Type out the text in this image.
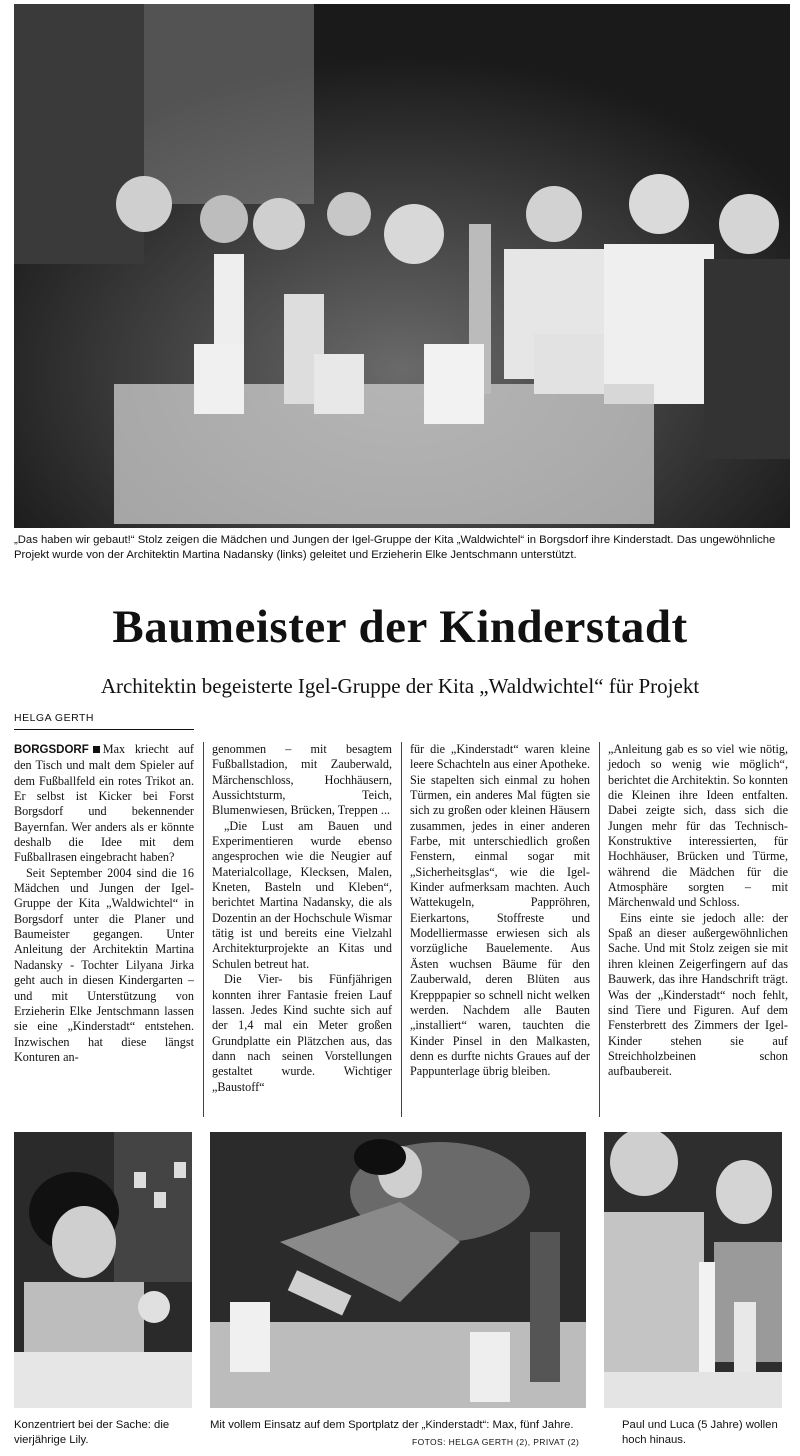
„Das haben wir gebaut!“ Stolz zeigen die Mädchen und Jungen der Igel-Gruppe der Kita „Waldwichtel“ in Borgsdorf ihre Kinderstadt. Das ungewöhnliche Projekt wurde von der Architektin Martina Nadansky (links) geleitet und Erzieherin Elke Jentschmann unterstützt.
Baumeister der Kinderstadt
Architektin begeisterte Igel-Gruppe der Kita „Waldwichtel“ für Projekt
HELGA GERTH

BORGSDORF Max kriecht auf den Tisch und malt dem Spieler auf dem Fußballfeld ein rotes Trikot an. Er selbst ist Kicker bei Forst Borgsdorf und bekennender Bayernfan. Wer anders als er könnte deshalb die Idee mit dem Fußballrasen eingebracht haben?

Seit September 2004 sind die 16 Mädchen und Jungen der Igel-Gruppe der Kita „Waldwichtel“ in Borgsdorf unter die Planer und Baumeister gegangen. Unter Anleitung der Architektin Martina Nadansky - Tochter Lilyana Jirka geht auch in diesen Kindergarten – und mit Unterstützung von Erzieherin Elke Jentschmann lassen sie eine „Kinderstadt“ entstehen. Inzwischen hat diese längst Konturen an-

genommen – mit besagtem Fußballstadion, mit Zauberwald, Märchenschloss, Hochhäusern, Aussichtsturm, Teich, Blumenwiesen, Brücken, Treppen ...

„Die Lust am Bauen und Experimentieren wurde ebenso angesprochen wie die Neugier auf Materialcollage, Klecksen, Malen, Kneten, Basteln und Kleben“, berichtet Martina Nadansky, die als Dozentin an der Hochschule Wismar tätig ist und bereits eine Vielzahl Architekturprojekte an Kitas und Schulen betreut hat.

Die Vier- bis Fünfjährigen konnten ihrer Fantasie freien Lauf lassen. Jedes Kind suchte sich auf der 1,4 mal ein Meter großen Grundplatte ein Plätzchen aus, das dann nach seinen Vorstellungen gestaltet wurde. Wichtiger „Baustoff“

für die „Kinderstadt“ waren kleine leere Schachteln aus einer Apotheke. Sie stapelten sich einmal zu hohen Türmen, ein anderes Mal fügten sie sich zu großen oder kleinen Häusern zusammen, jedes in einer anderen Farbe, mit unterschiedlich großen Fenstern, einmal sogar mit „Sicherheitsglas“, wie die Igel-Kinder aufmerksam machten. Auch Wattekugeln, Pappröhren, Eierkartons, Stoffreste und Modelliermasse erwiesen sich als vorzügliche Bauelemente. Aus Ästen wuchsen Bäume für den Zauberwald, deren Blüten aus Krepppapier so schnell nicht welken werden. Nachdem alle Bauten „installiert“ waren, tauchten die Kinder Pinsel in den Malkasten, denn es durfte nichts Graues auf der Pappunterlage übrig bleiben.

„Anleitung gab es so viel wie nötig, jedoch so wenig wie möglich“, berichtet die Architektin. So konnten die Kleinen ihre Ideen entfalten. Dabei zeigte sich, dass sich die Jungen mehr für das Technisch-Konstruktive interessierten, für Hochhäuser, Brücken und Türme, während die Mädchen für die Atmosphäre sorgten – mit Märchenwald und Schloss.

Eins einte sie jedoch alle: der Spaß an dieser außergewöhnlichen Sache. Und mit Stolz zeigen sie mit ihren kleinen Zeigerfingern auf das Bauwerk, das ihre Handschrift trägt. Was der „Kinderstadt“ noch fehlt, sind Tiere und Figuren. Auf dem Fensterbrett des Zimmers der Igel-Kinder stehen sie auf Streichholzbeinen schon aufbaubereit.

Konzentriert bei der Sache: die vierjährige Lily.
Mit vollem Einsatz auf dem Sportplatz der „Kinderstadt“: Max, fünf Jahre.
FOTOS: HELGA GERTH (2), PRIVAT (2)
Paul und Luca (5 Jahre) wollen hoch hinaus.
